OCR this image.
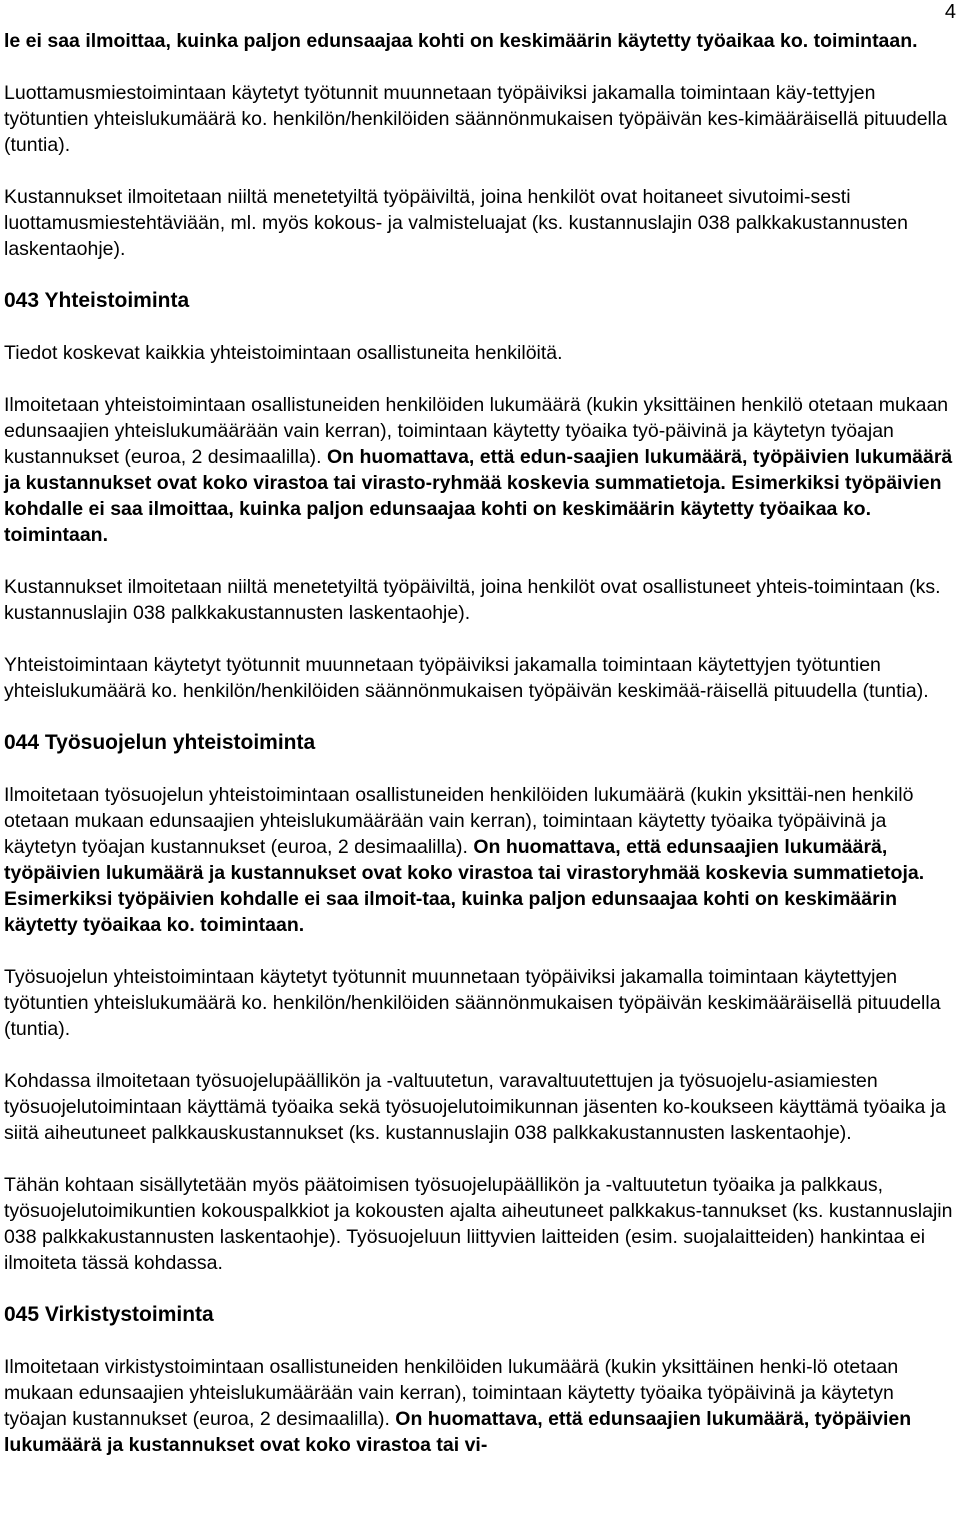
4

le ei saa ilmoittaa, kuinka paljon edunsaajaa kohti on keskimäärin käytetty työaikaa ko. toimintaan.

Luottamusmiestoimintaan käytetyt työtunnit muunnetaan työpäiviksi jakamalla toimintaan käy-tettyjen työtuntien yhteislukumäärä ko. henkilön/henkilöiden säännönmukaisen työpäivän kes-kimääräisellä pituudella (tuntia).

Kustannukset ilmoitetaan niiltä menetetyiltä työpäiviltä, joina henkilöt ovat hoitaneet sivutoimi-sesti luottamusmiestehtäviään, ml. myös kokous- ja valmisteluajat (ks. kustannuslajin 038 palkkakustannusten laskentaohje).

043 Yhteistoiminta

Tiedot koskevat kaikkia yhteistoimintaan osallistuneita henkilöitä.

Ilmoitetaan yhteistoimintaan osallistuneiden henkilöiden lukumäärä (kukin yksittäinen henkilö otetaan mukaan edunsaajien yhteislukumäärään vain kerran), toimintaan käytetty työaika työ-päivinä ja käytetyn työajan kustannukset (euroa, 2 desimaalilla). On huomattava, että edun-saajien lukumäärä, työpäivien lukumäärä ja kustannukset ovat koko virastoa tai virasto-ryhmää koskevia summatietoja. Esimerkiksi työpäivien kohdalle ei saa ilmoittaa, kuinka paljon edunsaajaa kohti on keskimäärin käytetty työaikaa ko. toimintaan.

Kustannukset ilmoitetaan niiltä menetetyiltä työpäiviltä, joina henkilöt ovat osallistuneet yhteis-toimintaan (ks. kustannuslajin 038 palkkakustannusten laskentaohje).

Yhteistoimintaan käytetyt työtunnit muunnetaan työpäiviksi jakamalla toimintaan käytettyjen työtuntien yhteislukumäärä ko. henkilön/henkilöiden säännönmukaisen työpäivän keskimää-räisellä pituudella (tuntia).

044 Työsuojelun yhteistoiminta

Ilmoitetaan työsuojelun yhteistoimintaan osallistuneiden henkilöiden lukumäärä (kukin yksittäi-nen henkilö otetaan mukaan edunsaajien yhteislukumäärään vain kerran), toimintaan käytetty työaika työpäivinä ja käytetyn työajan kustannukset (euroa, 2 desimaalilla). On huomattava, että edunsaajien lukumäärä, työpäivien lukumäärä ja kustannukset ovat koko virastoa tai virastoryhmää koskevia summatietoja. Esimerkiksi työpäivien kohdalle ei saa ilmoit-taa, kuinka paljon edunsaajaa kohti on keskimäärin käytetty työaikaa ko. toimintaan.

Työsuojelun yhteistoimintaan käytetyt työtunnit muunnetaan työpäiviksi jakamalla toimintaan käytettyjen työtuntien yhteislukumäärä ko. henkilön/henkilöiden säännönmukaisen työpäivän keskimääräisellä pituudella (tuntia).

Kohdassa ilmoitetaan työsuojelupäällikön ja -valtuutetun, varavaltuutettujen ja työsuojelu-asiamiesten työsuojelutoimintaan käyttämä työaika sekä työsuojelutoimikunnan jäsenten ko-koukseen käyttämä työaika ja siitä aiheutuneet palkkauskustannukset (ks. kustannuslajin 038 palkkakustannusten laskentaohje).

Tähän kohtaan sisällytetään myös päätoimisen työsuojelupäällikön ja -valtuutetun työaika ja palkkaus, työsuojelutoimikuntien kokouspalkkiot ja kokousten ajalta aiheutuneet palkkakus-tannukset (ks. kustannuslajin 038 palkkakustannusten laskentaohje). Työsuojeluun liittyvien laitteiden (esim. suojalaitteiden) hankintaa ei ilmoiteta tässä kohdassa.

045 Virkistystoiminta

Ilmoitetaan virkistystoimintaan osallistuneiden henkilöiden lukumäärä (kukin yksittäinen henki-lö otetaan mukaan edunsaajien yhteislukumäärään vain kerran), toimintaan käytetty työaika työpäivinä ja käytetyn työajan kustannukset (euroa, 2 desimaalilla). On huomattava, että edunsaajien lukumäärä, työpäivien lukumäärä ja kustannukset ovat koko virastoa tai vi-
